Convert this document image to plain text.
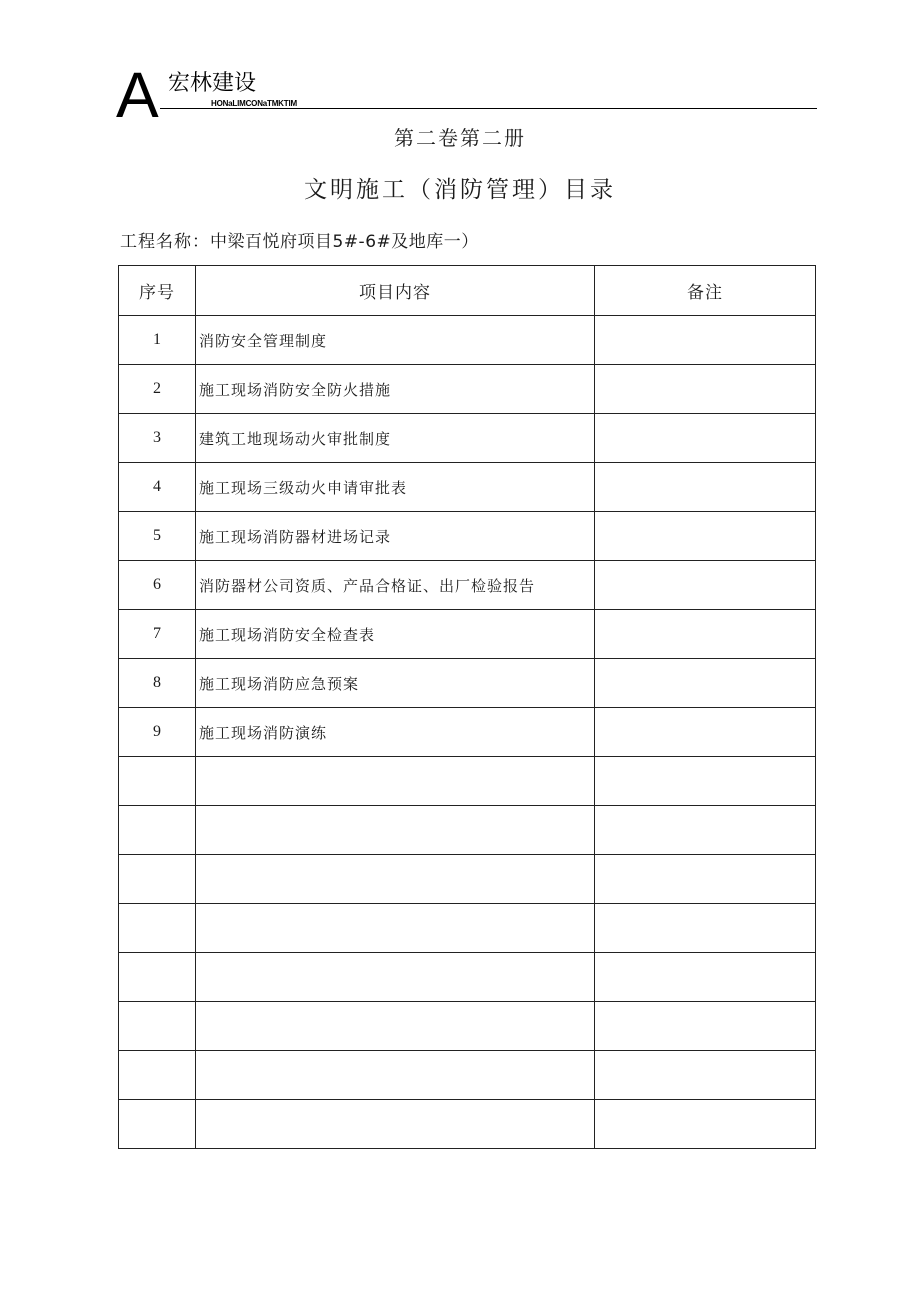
A 宏林建设
HONaLIMCONaTMKTIM
第二卷第二册
文明施工（消防管理）目录
工程名称：中梁百悦府项目5#-6#及地库一）
序号	项目内容	备注
1	消防安全管理制度	
2	施工现场消防安全防火措施	
3	建筑工地现场动火审批制度	
4	施工现场三级动火申请审批表	
5	施工现场消防器材进场记录	
6	消防器材公司资质、产品合格证、出厂检验报告	
7	施工现场消防安全检查表	
8	施工现场消防应急预案	
9	施工现场消防演练	
